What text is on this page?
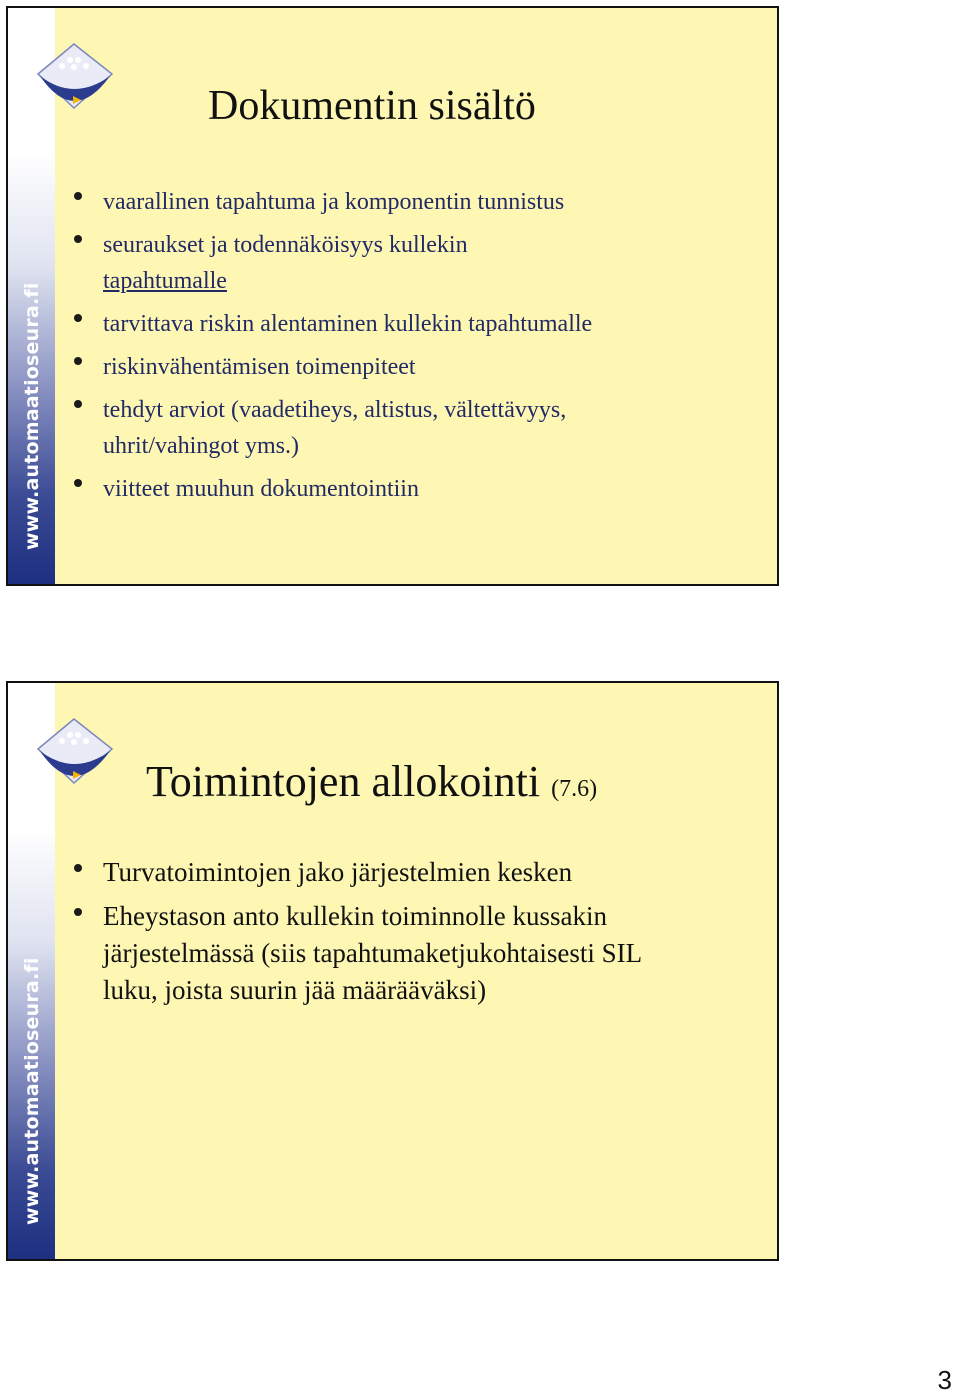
www.automaatioseura.fi
Dokumentin sisältö
vaarallinen tapahtuma ja komponentin tunnistus
seuraukset ja todennäköisyys kullekin
tapahtumalle
tarvittava riskin alentaminen kullekin tapahtumalle
riskinvähentämisen toimenpiteet
tehdyt arviot (vaadetiheys, altistus, vältettävyys,
uhrit/vahingot yms.)
viitteet muuhun dokumentointiin
www.automaatioseura.fi
Toimintojen allokointi (7.6)
Turvatoimintojen jako järjestelmien kesken
Eheystason anto kullekin toiminnolle kussakin
järjestelmässä (siis tapahtumaketjukohtaisesti SIL
luku, joista suurin jää määrääväksi)
3
